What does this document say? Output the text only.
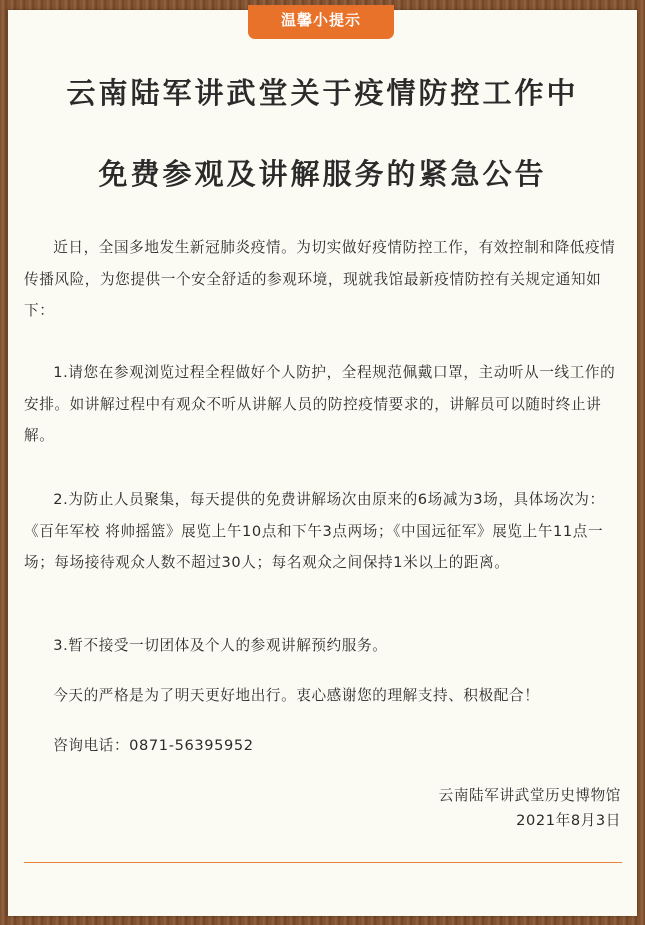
温馨小提示
云南陆军讲武堂关于疫情防控工作中
免费参观及讲解服务的紧急公告

近日，全国多地发生新冠肺炎疫情。为切实做好疫情防控工作，有效控制和降低疫情传播风险，为您提供一个安全舒适的参观环境，现就我馆最新疫情防控有关规定通知如下：

1.请您在参观浏览过程全程做好个人防护，全程规范佩戴口罩，主动听从一线工作的安排。如讲解过程中有观众不听从讲解人员的防控疫情要求的，讲解员可以随时终止讲解。

2.为防止人员聚集，每天提供的免费讲解场次由原来的6场减为3场，具体场次为：《百年军校 将帅摇篮》展览上午10点和下午3点两场；《中国远征军》展览上午11点一场；每场接待观众人数不超过30人；每名观众之间保持1米以上的距离。

3.暂不接受一切团体及个人的参观讲解预约服务。

今天的严格是为了明天更好地出行。衷心感谢您的理解支持、积极配合！

咨询电话：0871-56395952

云南陆军讲武堂历史博物馆
2021年8月3日
